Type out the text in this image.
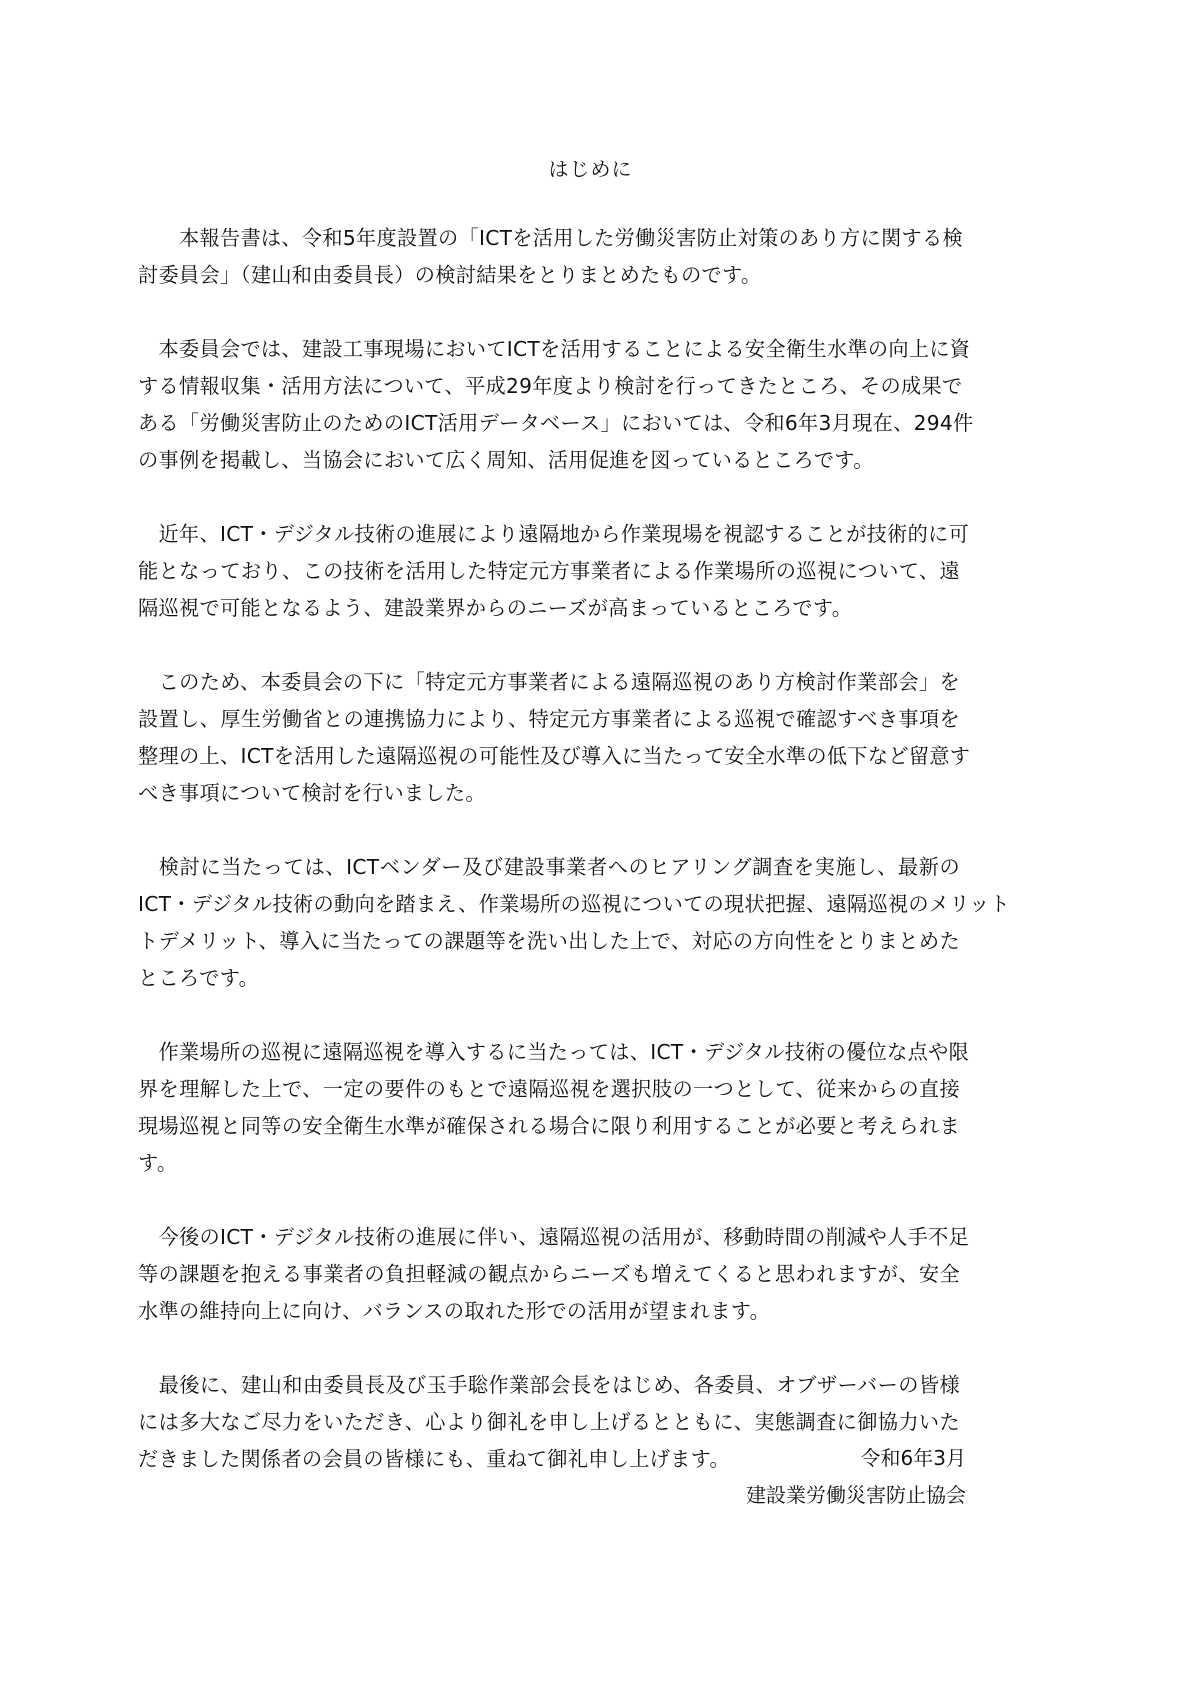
はじめに

　　本報告書は、令和5年度設置の「ICTを活用した労働災害防止対策のあり方に関する検
討委員会」（建山和由委員長）の検討結果をとりまとめたものです。

　本委員会では、建設工事現場においてICTを活用することによる安全衛生水準の向上に資
する情報収集・活用方法について、平成29年度より検討を行ってきたところ、その成果で
ある「労働災害防止のためのICT活用データベース」においては、令和6年3月現在、294件
の事例を掲載し、当協会において広く周知、活用促進を図っているところです。

　近年、ICT・デジタル技術の進展により遠隔地から作業現場を視認することが技術的に可
能となっており、この技術を活用した特定元方事業者による作業場所の巡視について、遠
隔巡視で可能となるよう、建設業界からのニーズが高まっているところです。

　このため、本委員会の下に「特定元方事業者による遠隔巡視のあり方検討作業部会」を
設置し、厚生労働省との連携協力により、特定元方事業者による巡視で確認すべき事項を
整理の上、ICTを活用した遠隔巡視の可能性及び導入に当たって安全水準の低下など留意す
べき事項について検討を行いました。

　検討に当たっては、ICTベンダー及び建設事業者へのヒアリング調査を実施し、最新の
ICT・デジタル技術の動向を踏まえ、作業場所の巡視についての現状把握、遠隔巡視のメリット
トデメリット、導入に当たっての課題等を洗い出した上で、対応の方向性をとりまとめた
ところです。

　作業場所の巡視に遠隔巡視を導入するに当たっては、ICT・デジタル技術の優位な点や限
界を理解した上で、一定の要件のもとで遠隔巡視を選択肢の一つとして、従来からの直接
現場巡視と同等の安全衛生水準が確保される場合に限り利用することが必要と考えられま
す。

　今後のICT・デジタル技術の進展に伴い、遠隔巡視の活用が、移動時間の削減や人手不足
等の課題を抱える事業者の負担軽減の観点からニーズも増えてくると思われますが、安全
水準の維持向上に向け、バランスの取れた形での活用が望まれます。

　最後に、建山和由委員長及び玉手聡作業部会長をはじめ、各委員、オブザーバーの皆様
には多大なご尽力をいただき、心より御礼を申し上げるとともに、実態調査に御協力いた
だきました関係者の会員の皆様にも、重ねて御礼申し上げます。	令和6年3月
建設業労働災害防止協会
